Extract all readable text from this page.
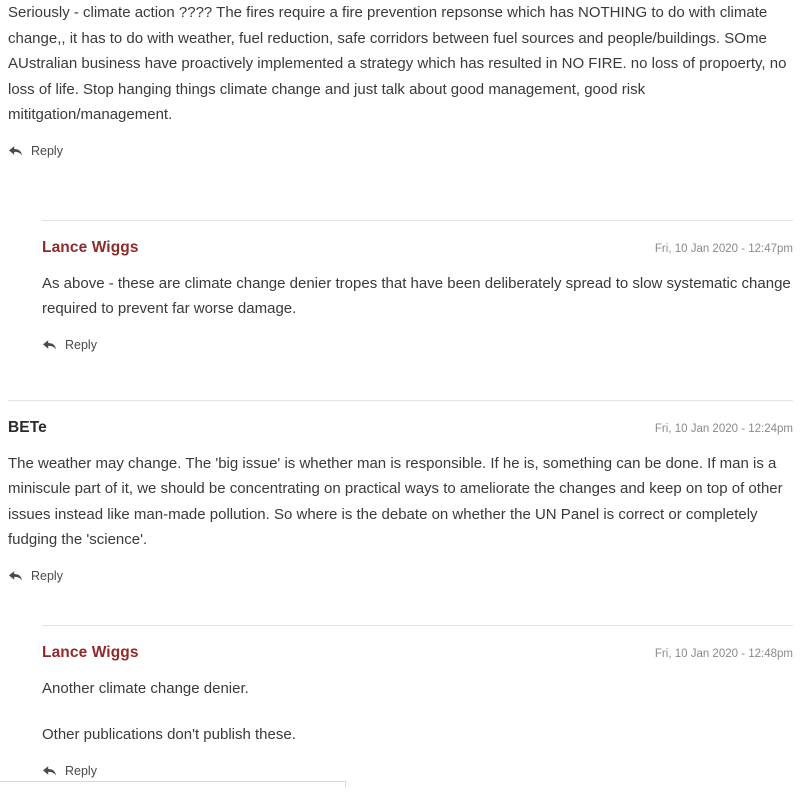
Seriously - climate action ???? The fires require a fire prevention repsonse which has NOTHING to do with climate change,, it has to do with weather, fuel reduction, safe corridors between fuel sources and people/buildings. SOme AUstralian business have proactively implemented a strategy which has resulted in NO FIRE. no loss of propoerty, no loss of life. Stop hanging things climate change and just talk about good management, good risk mititgation/management.

Reply
Lance Wiggs	Fri, 10 Jan 2020 - 12:47pm

As above - these are climate change denier tropes that have been deliberately spread to slow systematic change required to prevent far worse damage.

Reply
BETe	Fri, 10 Jan 2020 - 12:24pm

The weather may change. The 'big issue' is whether man is responsible. If he is, something can be done. If man is a miniscule part of it, we should be concentrating on practical ways to ameliorate the changes and keep on top of other issues instead like man-made pollution. So where is the debate on whether the UN Panel is correct or completely fudging the 'science'.

Reply
Lance Wiggs	Fri, 10 Jan 2020 - 12:48pm

Another climate change denier.

Other publications don't publish these.

Reply
